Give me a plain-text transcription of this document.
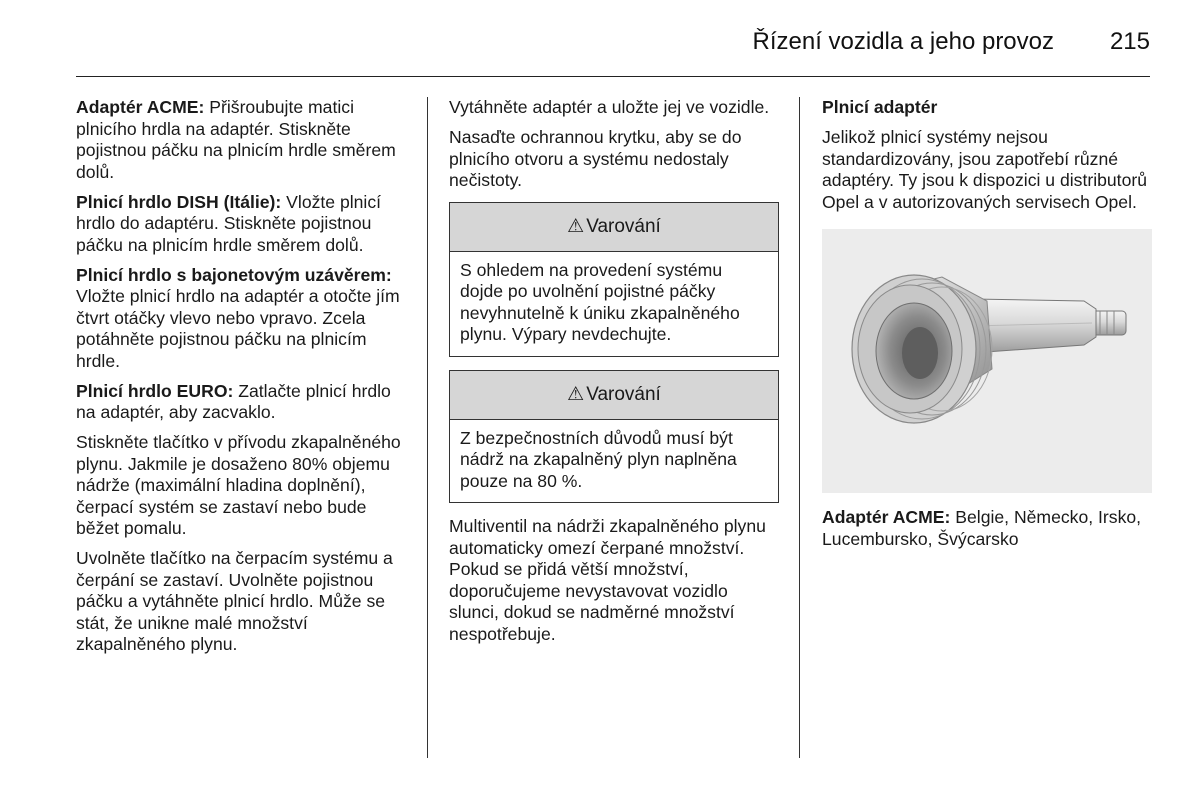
Řízení vozidla a jeho provoz 215

Adaptér ACME: Přišroubujte matici plnicího hrdla na adaptér. Stiskněte pojistnou páčku na plnicím hrdle směrem dolů.

Plnicí hrdlo DISH (Itálie): Vložte plnicí hrdlo do adaptéru. Stiskněte pojistnou páčku na plnicím hrdle směrem dolů.

Plnicí hrdlo s bajonetovým uzávěrem: Vložte plnicí hrdlo na adaptér a otočte jím čtvrt otáčky vlevo nebo vpravo. Zcela potáhněte pojistnou páčku na plnicím hrdle.

Plnicí hrdlo EURO: Zatlačte plnicí hrdlo na adaptér, aby zacvaklo.

Stiskněte tlačítko v přívodu zkapalněného plynu. Jakmile je dosaženo 80% objemu nádrže (maximální hladina doplnění), čerpací systém se zastaví nebo bude běžet pomalu.

Uvolněte tlačítko na čerpacím systému a čerpání se zastaví. Uvolněte pojistnou páčku a vytáhněte plnicí hrdlo. Může se stát, že unikne malé množství zkapalněného plynu.

Vytáhněte adaptér a uložte jej ve vozidle.

Nasaďte ochrannou krytku, aby se do plnicího otvoru a systému nedostaly nečistoty.

⚠ Varování
S ohledem na provedení systému dojde po uvolnění pojistné páčky nevyhnutelně k úniku zkapalněného plynu. Výpary nevdechujte.
⚠ Varování
Z bezpečnostních důvodů musí být nádrž na zkapalněný plyn naplněna pouze na 80 %.

Multiventil na nádrži zkapalněného plynu automaticky omezí čerpané množství. Pokud se přidá větší množství, doporučujeme nevystavovat vozidlo slunci, dokud se nadměrné množství nespotřebuje.

Plnicí adaptér

Jelikož plnicí systémy nejsou standardizovány, jsou zapotřebí různé adaptéry. Ty jsou k dispozici u distributorů Opel a v autorizovaných servisech Opel.

Adaptér ACME: Belgie, Německo, Irsko, Lucembursko, Švýcarsko
